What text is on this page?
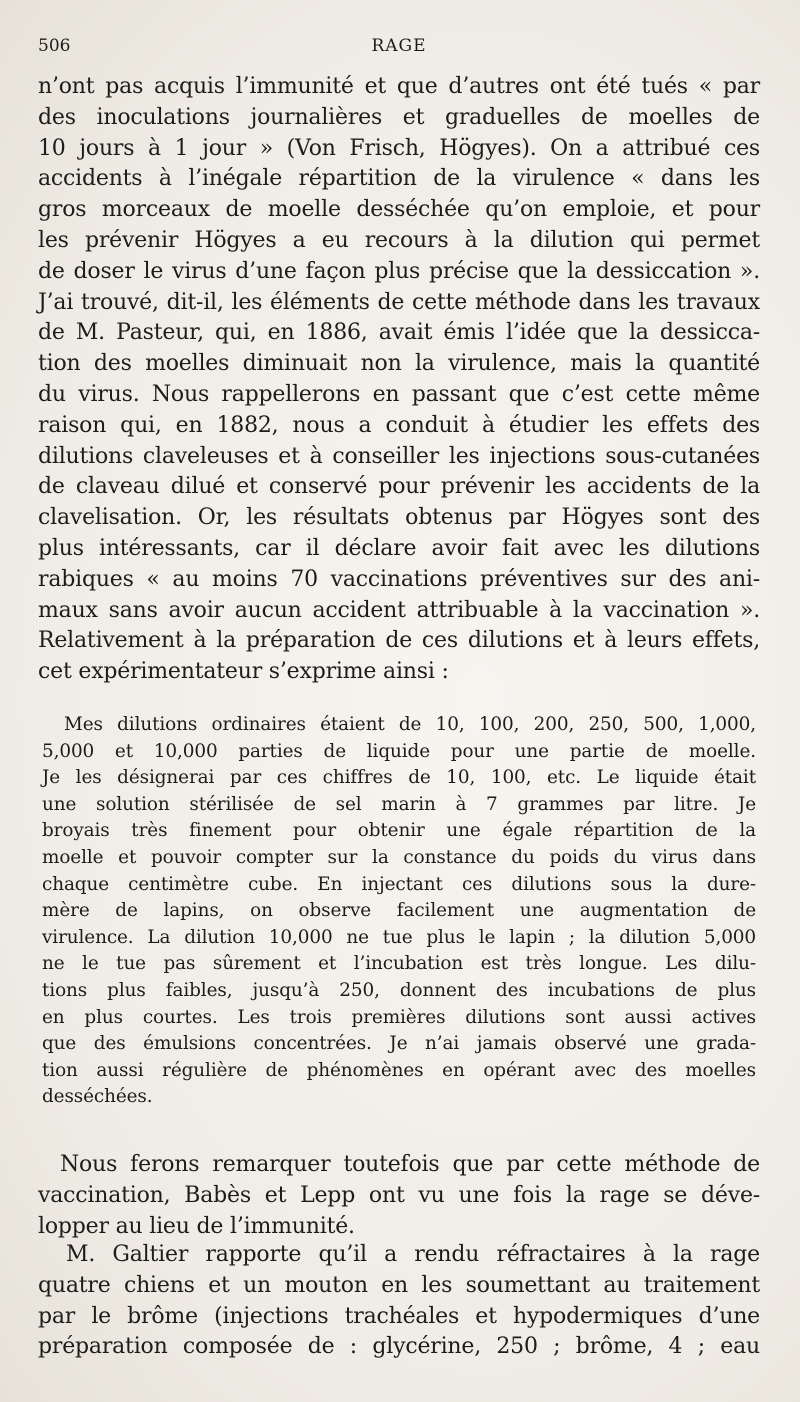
506	RAGE
n’ont pas acquis l’immunité et que d’autres ont été tués « par
des inoculations journalières et graduelles de moelles de
10 jours à 1 jour » (Von Frisch, Högyes). On a attribué ces
accidents à l’inégale répartition de la virulence « dans les
gros morceaux de moelle desséchée qu’on emploie, et pour
les prévenir Högyes a eu recours à la dilution qui permet
de doser le virus d’une façon plus précise que la dessiccation ».
J’ai trouvé, dit-il, les éléments de cette méthode dans les travaux
de M. Pasteur, qui, en 1886, avait émis l’idée que la dessicca-
tion des moelles diminuait non la virulence, mais la quantité
du virus. Nous rappellerons en passant que c’est cette même
raison qui, en 1882, nous a conduit à étudier les effets des
dilutions claveleuses et à conseiller les injections sous-cutanées
de claveau dilué et conservé pour prévenir les accidents de la
clavelisation. Or, les résultats obtenus par Högyes sont des
plus intéressants, car il déclare avoir fait avec les dilutions
rabiques « au moins 70 vaccinations préventives sur des ani-
maux sans avoir aucun accident attribuable à la vaccination ».
Relativement à la préparation de ces dilutions et à leurs effets,
cet expérimentateur s’exprime ainsi :
Mes dilutions ordinaires étaient de 10, 100, 200, 250, 500, 1,000,
5,000 et 10,000 parties de liquide pour une partie de moelle.
Je les désignerai par ces chiffres de 10, 100, etc. Le liquide était
une solution stérilisée de sel marin à 7 grammes par litre. Je
broyais très finement pour obtenir une égale répartition de la
moelle et pouvoir compter sur la constance du poids du virus dans
chaque centimètre cube. En injectant ces dilutions sous la dure-
mère de lapins, on observe facilement une augmentation de
virulence. La dilution 10,000 ne tue plus le lapin ; la dilution 5,000
ne le tue pas sûrement et l’incubation est très longue. Les dilu-
tions plus faibles, jusqu’à 250, donnent des incubations de plus
en plus courtes. Les trois premières dilutions sont aussi actives
que des émulsions concentrées. Je n’ai jamais observé une grada-
tion aussi régulière de phénomènes en opérant avec des moelles
desséchées.
Nous ferons remarquer toutefois que par cette méthode de
vaccination, Babès et Lepp ont vu une fois la rage se déve-
lopper au lieu de l’immunité.
M. Galtier rapporte qu’il a rendu réfractaires à la rage
quatre chiens et un mouton en les soumettant au traitement
par le brôme (injections trachéales et hypodermiques d’une
préparation composée de : glycérine, 250 ; brôme, 4 ; eau
